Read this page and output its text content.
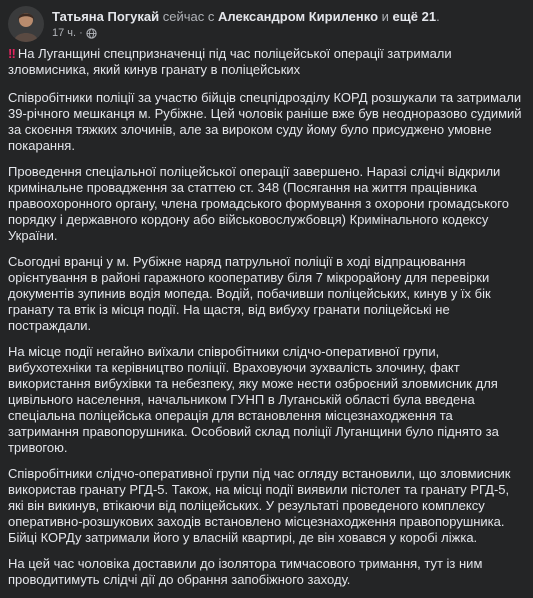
Татьяна Погукай сейчас с Александром Кириленко и ещё 21.
17 ч. ·
‼ На Луганщині спецпризначенці під час поліцейської операції затримали зловмисника, який кинув гранату в поліцейських
Співробітники поліції за участю бійців спецпідрозділу КОРД розшукали та затримали 39-річного мешканця м. Рубіжне. Цей чоловік раніше вже був неодноразово судимий за скоєння тяжких злочинів, але за вироком суду йому було присуджено умовне покарання.
Проведення спеціальної поліцейської операції завершено. Наразі слідчі відкрили кримінальне провадження за статтею ст. 348 (Посягання на життя працівника правоохоронного органу, члена громадського формування з охорони громадського порядку і державного кордону або військовослужбовця) Кримінального кодексу України.
Сьогодні вранці у м. Рубіжне наряд патрульної поліції в ході відпрацювання орієнтування в районі гаражного кооперативу біля 7 мікрорайону для перевірки документів зупинив водія мопеда. Водій, побачивши поліцейських, кинув у їх бік гранату та втік із місця події. На щастя, від вибуху гранати поліцейські не постраждали.
На місце події негайно виїхали співробітники слідчо-оперативної групи, вибухотехніки та керівництво поліції. Враховуючи зухвалість злочину, факт використання вибухівки та небезпеку, яку може нести озброєний зловмисник для цивільного населення, начальником ГУНП в Луганській області була введена спеціальна поліцейська операція для встановлення місцезнаходження та затримання правопорушника. Особовий склад поліції Луганщини було піднято за тривогою.
Співробітники слідчо-оперативної групи під час огляду встановили, що зловмисник використав гранату РГД-5. Також, на місці події виявили пістолет та гранату РГД-5, які він викинув, втікаючи від поліцейських. У результаті проведеного комплексу оперативно-розшукових заходів встановлено місцезнаходження правопорушника. Бійці КОРДу затримали його у власній квартирі, де він ховався у коробі ліжка.
На цей час чоловіка доставили до ізолятора тимчасового тримання, тут із ним проводитимуть слідчі дії до обрання запобіжного заходу.
